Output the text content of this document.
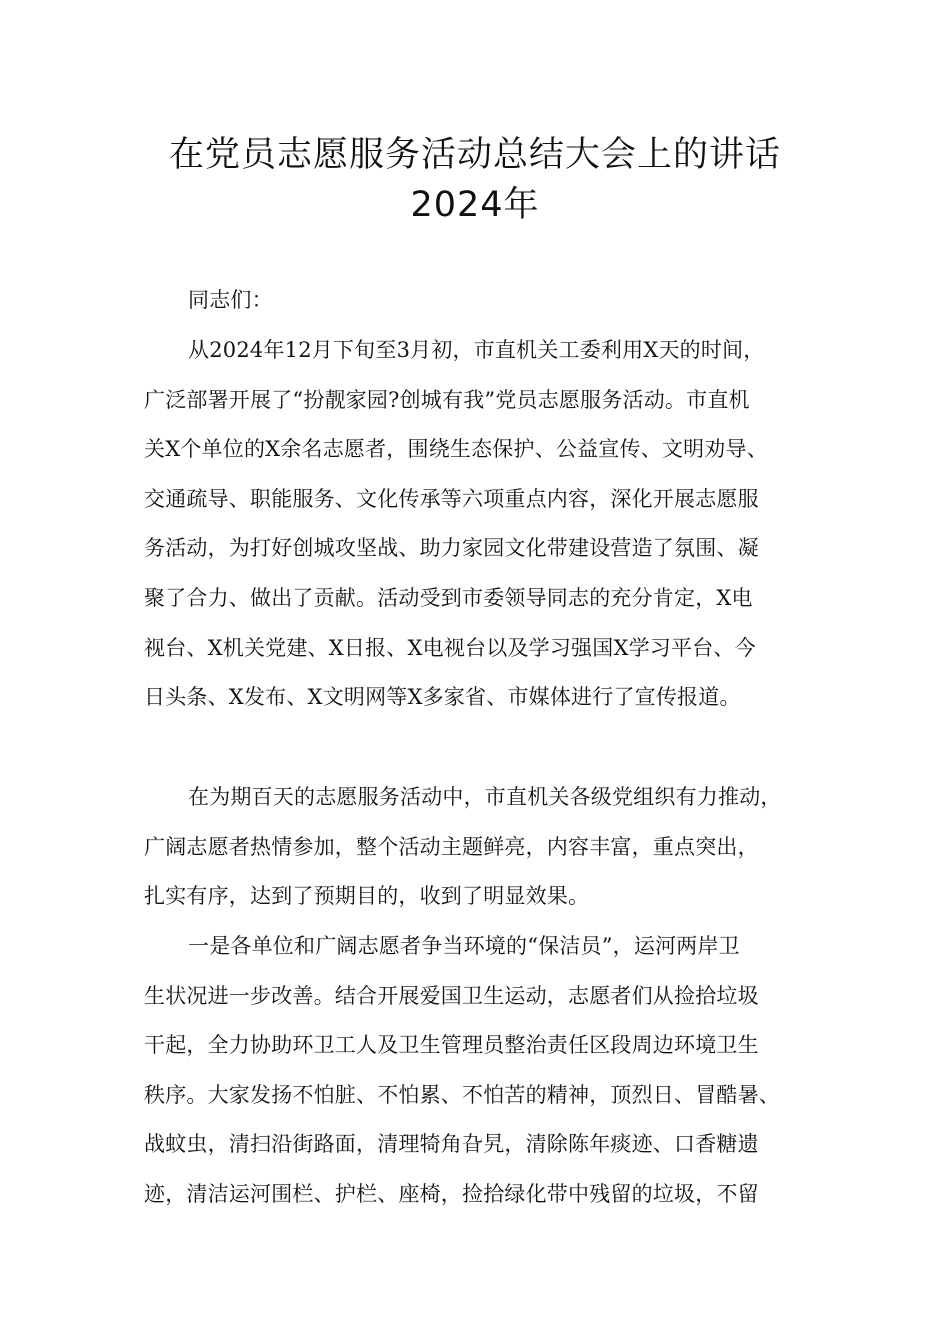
在党员志愿服务活动总结大会上的讲话
2024年

同志们：

从2024年12月下旬至3月初，市直机关工委利用X天的时间，
广泛部署开展了“扮靓家园?创城有我”党员志愿服务活动。市直机
关X个单位的X余名志愿者，围绕生态保护、公益宣传、文明劝导、
交通疏导、职能服务、文化传承等六项重点内容，深化开展志愿服
务活动，为打好创城攻坚战、助力家园文化带建设营造了氛围、凝
聚了合力、做出了贡献。活动受到市委领导同志的充分肯定，X电
视台、X机关党建、X日报、X电视台以及学习强国X学习平台、今
日头条、X发布、X文明网等X多家省、市媒体进行了宣传报道。
在为期百天的志愿服务活动中，市直机关各级党组织有力推动，
广阔志愿者热情参加，整个活动主题鲜亮，内容丰富，重点突出，
扎实有序，达到了预期目的，收到了明显效果。
一是各单位和广阔志愿者争当环境的“保洁员”，运河两岸卫
生状况进一步改善。结合开展爱国卫生运动，志愿者们从捡拾垃圾
干起，全力协助环卫工人及卫生管理员整治责任区段周边环境卫生
秩序。大家发扬不怕脏、不怕累、不怕苦的精神，顶烈日、冒酷暑、
战蚊虫，清扫沿街路面，清理犄角旮旯，清除陈年痰迹、口香糖遗
迹，清洁运河围栏、护栏、座椅，捡拾绿化带中残留的垃圾，不留
